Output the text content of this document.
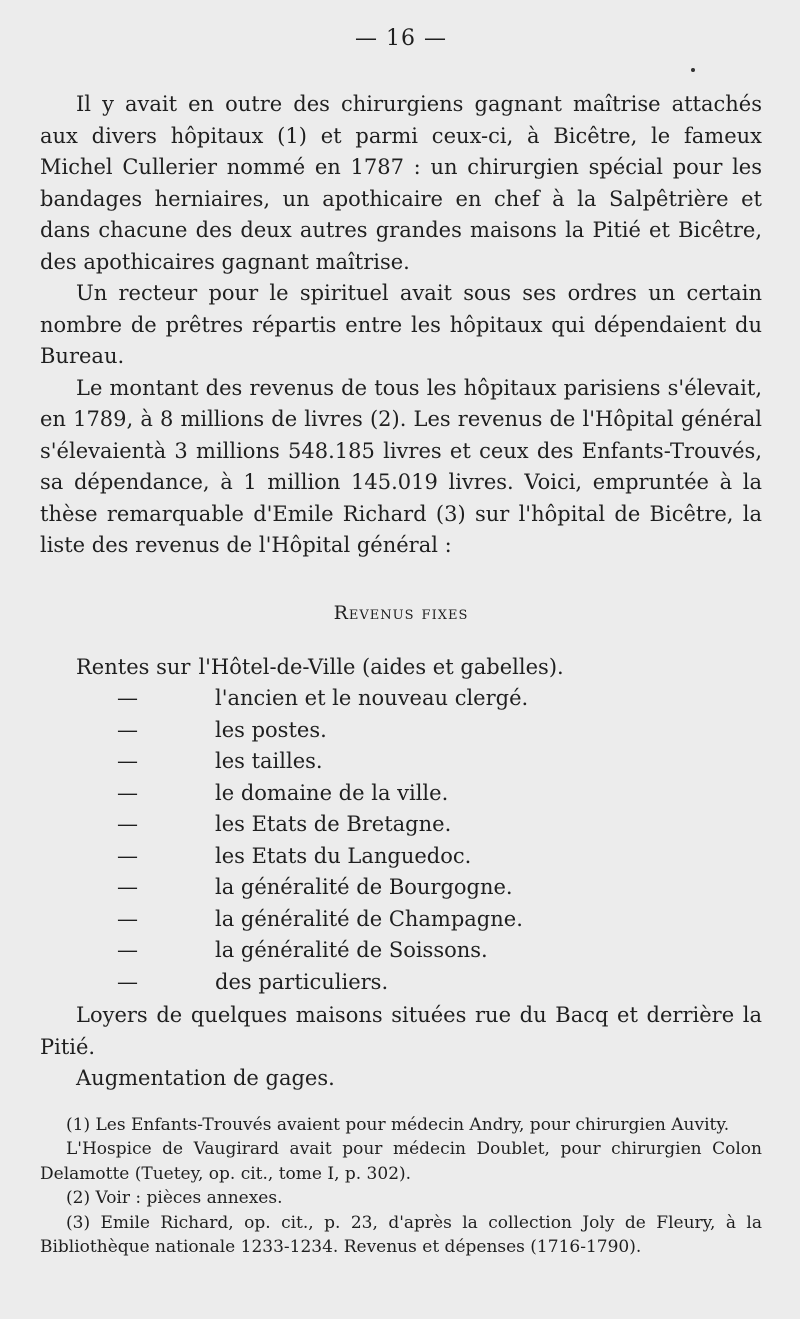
— 16 —

Il y avait en outre des chirurgiens gagnant maîtrise attachés aux divers hôpitaux (1) et parmi ceux-ci, à Bicêtre, le fameux Michel Cullerier nommé en 1787 : un chirurgien spécial pour les bandages herniaires, un apothicaire en chef à la Salpêtrière et dans chacune des deux autres grandes maisons la Pitié et Bicêtre, des apothicaires gagnant maîtrise.

Un recteur pour le spirituel avait sous ses ordres un certain nombre de prêtres répartis entre les hôpitaux qui dépendaient du Bureau.

Le montant des revenus de tous les hôpitaux parisiens s'élevait, en 1789, à 8 millions de livres (2). Les revenus de l'Hôpital général s'élevaientà 3 millions 548.185 livres et ceux des Enfants-Trouvés, sa dépendance, à 1 million 145.019 livres. Voici, empruntée à la thèse remarquable d'Emile Richard (3) sur l'hôpital de Bicêtre, la liste des revenus de l'Hôpital général :

Revenus fixes
Rentes sur l'Hôtel-de-Ville (aides et gabelles).
—	l'ancien et le nouveau clergé.
—	les postes.
—	les tailles.
—	le domaine de la ville.
—	les Etats de Bretagne.
—	les Etats du Languedoc.
—	la généralité de Bourgogne.
—	la généralité de Champagne.
—	la généralité de Soissons.
—	des particuliers.

Loyers de quelques maisons situées rue du Bacq et derrière la Pitié.

Augmentation de gages.

(1) Les Enfants-Trouvés avaient pour médecin Andry, pour chirurgien Auvity.

L'Hospice de Vaugirard avait pour médecin Doublet, pour chirurgien Colon Delamotte (Tuetey, op. cit., tome I, p. 302).

(2) Voir : pièces annexes.

(3) Emile Richard, op. cit., p. 23, d'après la collection Joly de Fleury, à la Bibliothèque nationale 1233-1234. Revenus et dépenses (1716-1790).
